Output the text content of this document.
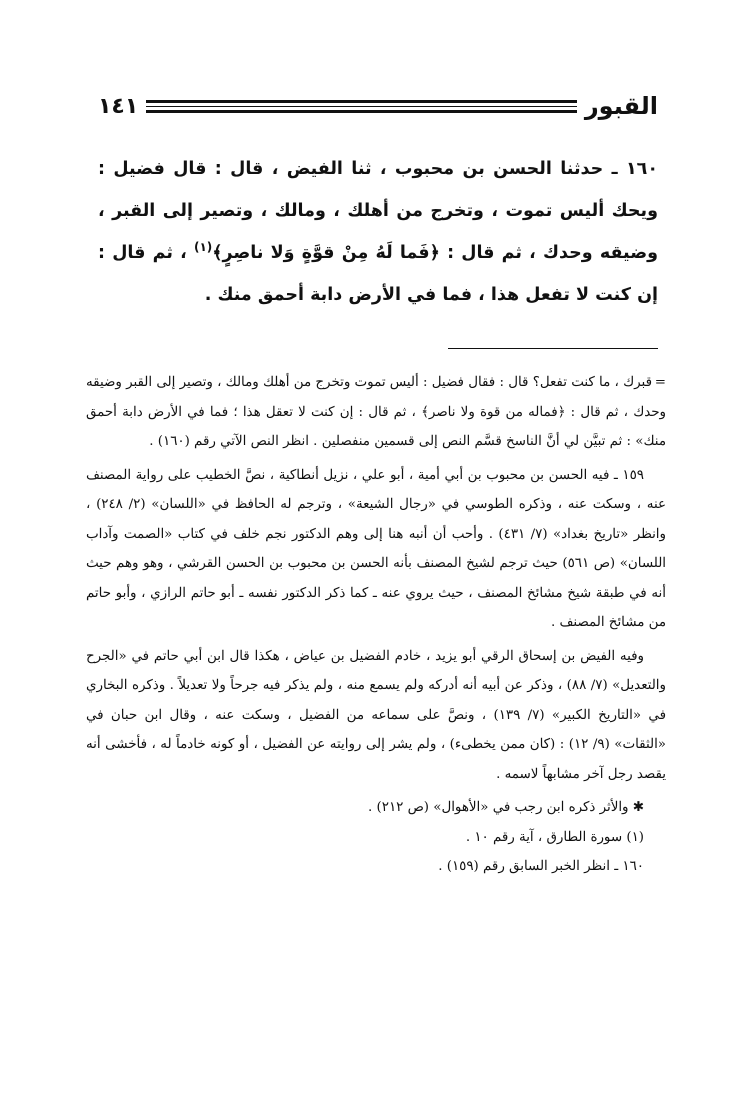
القبور
١٤١

١٦٠ ـ حدثنا الحسن بن محبوب ، ثنا الفيض ، قال : قال فضيل : ويحك أليس تموت ، وتخرج من أهلك ، ومالك ، وتصير إلى القبر ، وضيقه وحدك ، ثم قال : ﴿فَما لَهُ مِنْ قوَّةٍ وَلا ناصِرٍ﴾$^{(١)}$ ، ثم قال : إن كنت لا تفعل هذا ، فما في الأرض دابة أحمق منك .

=قبرك ، ما كنت تفعل؟ قال : فقال فضيل : أليس تموت وتخرج من أهلك ومالك ، وتصير إلى القبر وضيقه وحدك ، ثم قال : ﴿فماله من قوة ولا ناصر﴾ ، ثم قال : إن كنت لا تعقل هذا ؛ فما في الأرض دابة أحمق منك» : ثم تبيَّن لي أنَّ الناسخ قسَّم النص إلى قسمين منفصلين . انظر النص الآتي رقم (١٦٠) .

١٥٩ ـ فيه الحسن بن محبوب بن أبي أمية ، أبو علي ، نزيل أنطاكية ، نصَّ الخطيب على رواية المصنف عنه ، وسكت عنه ، وذكره الطوسي في «رجال الشيعة» ، وترجم له الحافظ في «اللسان» (٢/ ٢٤٨) ، وانظر «تاريخ بغداد» (٧/ ٤٣١) . وأحب أن أنبه هنا إلى وهم الدكتور نجم خلف في كتاب «الصمت وآداب اللسان» (ص ٥٦١) حيث ترجم لشيخ المصنف بأنه الحسن بن محبوب بن الحسن القرشي ، وهو وهم حيث أنه في طبقة شيخ مشائخ المصنف ، حيث يروي عنه ـ كما ذكر الدكتور نفسه ـ أبو حاتم الرازي ، وأبو حاتم من مشائخ المصنف .

وفيه الفيض بن إسحاق الرقي أبو يزيد ، خادم الفضيل بن عياض ، هكذا قال ابن أبي حاتم في «الجرح والتعديل» (٧/ ٨٨) ، وذكر عن أبيه أنه أدركه ولم يسمع منه ، ولم يذكر فيه جرحاً ولا تعديلاً . وذكره البخاري في «التاريخ الكبير» (٧/ ١٣٩) ، ونصَّ على سماعه من الفضيل ، وسكت عنه ، وقال ابن حبان في «الثقات» (٩/ ١٢) : (كان ممن يخطىء) ، ولم يشر إلى روايته عن الفضيل ، أو كونه خادماً له ، فأخشى أنه يقصد رجل آخر مشابهاً لاسمه .

✱ والأثر ذكره ابن رجب في «الأهوال» (ص ٢١٢) .

(١) سورة الطارق ، آية رقم ١٠ .

١٦٠ ـ انظر الخبر السابق رقم (١٥٩) .
